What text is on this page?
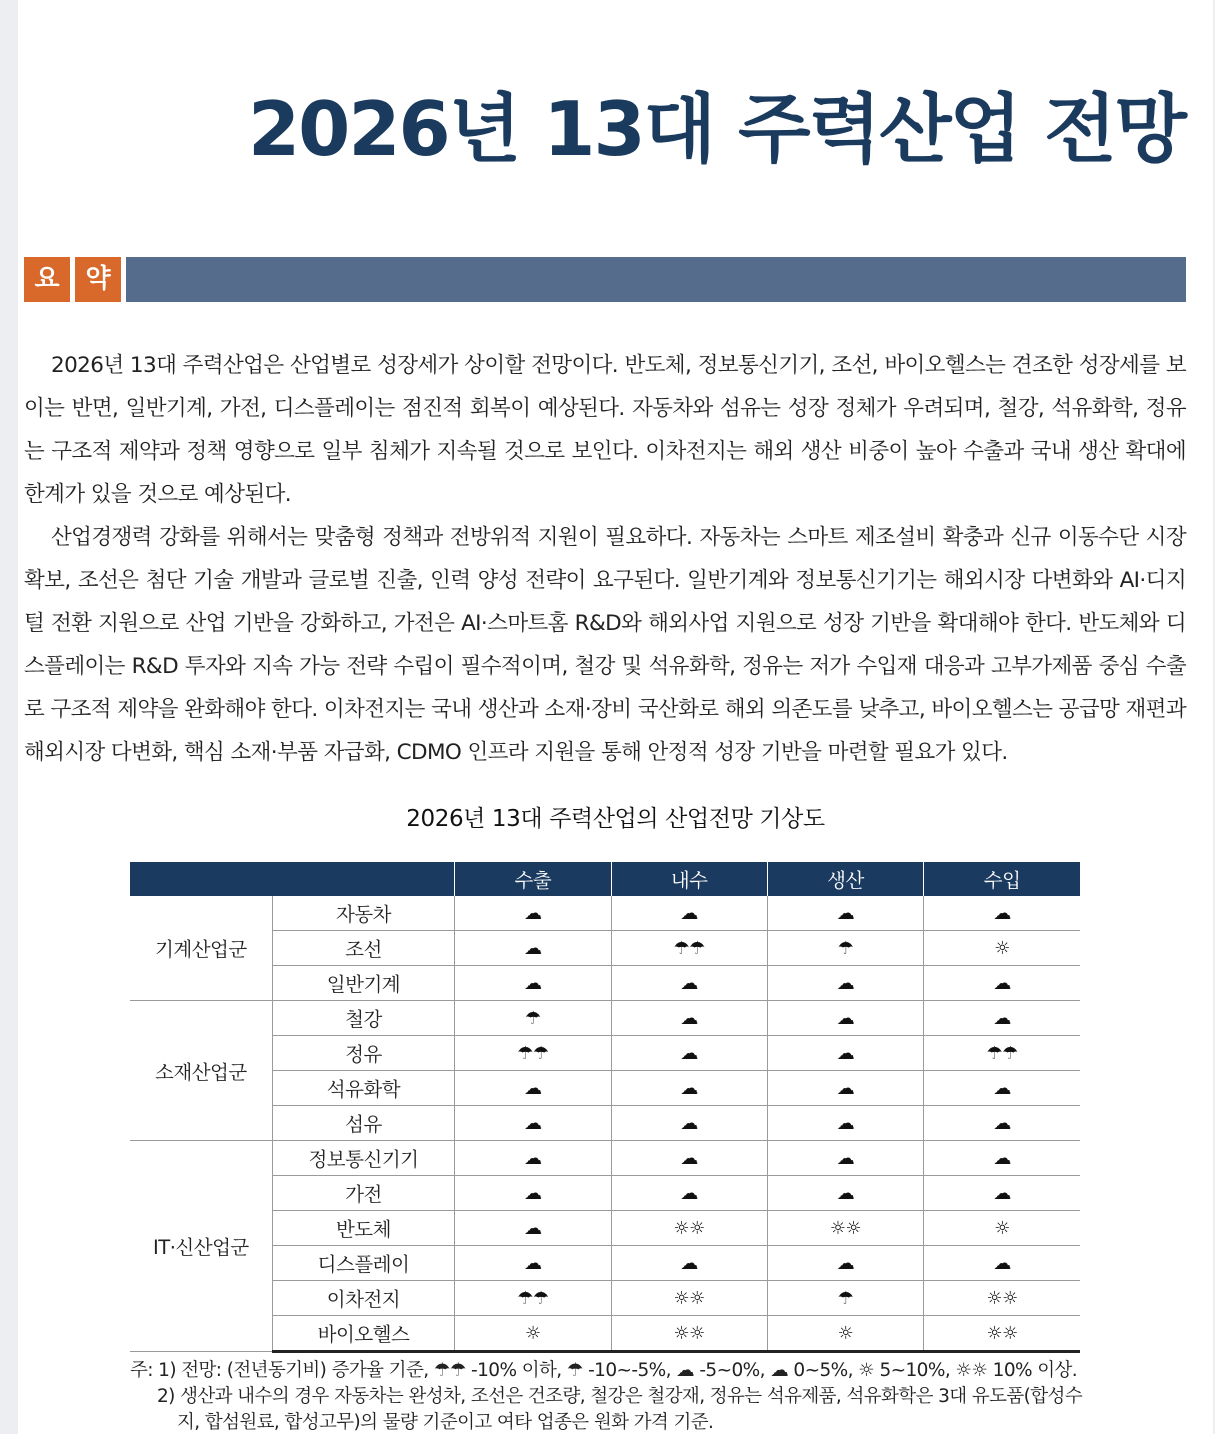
2026년 13대 주력산업 전망
요 약
2026년 13대 주력산업은 산업별로 성장세가 상이할 전망이다. 반도체, 정보통신기기, 조선, 바이오헬스는 견조한 성장세를 보이는 반면, 일반기계, 가전, 디스플레이는 점진적 회복이 예상된다. 자동차와 섬유는 성장 정체가 우려되며, 철강, 석유화학, 정유는 구조적 제약과 정책 영향으로 일부 침체가 지속될 것으로 보인다. 이차전지는 해외 생산 비중이 높아 수출과 국내 생산 확대에 한계가 있을 것으로 예상된다.
산업경쟁력 강화를 위해서는 맞춤형 정책과 전방위적 지원이 필요하다. 자동차는 스마트 제조설비 확충과 신규 이동수단 시장 확보, 조선은 첨단 기술 개발과 글로벌 진출, 인력 양성 전략이 요구된다. 일반기계와 정보통신기기는 해외시장 다변화와 AI·디지털 전환 지원으로 산업 기반을 강화하고, 가전은 AI·스마트홈 R&D와 해외사업 지원으로 성장 기반을 확대해야 한다. 반도체와 디스플레이는 R&D 투자와 지속 가능 전략 수립이 필수적이며, 철강 및 석유화학, 정유는 저가 수입재 대응과 고부가제품 중심 수출로 구조적 제약을 완화해야 한다. 이차전지는 국내 생산과 소재·장비 국산화로 해외 의존도를 낮추고, 바이오헬스는 공급망 재편과 해외시장 다변화, 핵심 소재·부품 자급화, CDMO 인프라 지원을 통해 안정적 성장 기반을 마련할 필요가 있다.
2026년 13대 주력산업의 산업전망 기상도
		수출	내수	생산	수입
기계산업군	자동차	☁	☁	☁	☁
	조선	☁	☂☂	☂	☼
	일반기계	☁	☁	☁	☁
소재산업군	철강	☂	☁	☁	☁
	정유	☂☂	☁	☁	☂☂
	석유화학	☁	☁	☁	☁
	섬유	☁	☁	☁	☁
IT·신산업군	정보통신기기	☁	☁	☁	☁
	가전	☁	☁	☁	☁
	반도체	☁	☼☼	☼☼	☼
	디스플레이	☁	☁	☁	☁
	이차전지	☂☂	☼☼	☂	☼☼
	바이오헬스	☼	☼☼	☼	☼☼
주: 1) 전망: (전년동기비) 증가율 기준, ☂☂ -10% 이하, ☂ -10~-5%, ☁ -5~0%, ☁ 0~5%, ☼ 5~10%, ☼☼ 10% 이상.
2) 생산과 내수의 경우 자동차는 완성차, 조선은 건조량, 철강은 철강재, 정유는 석유제품, 석유화학은 3대 유도품(합성수지, 합섬원료, 합성고무)의 물량 기준이고 여타 업종은 원화 가격 기준.
